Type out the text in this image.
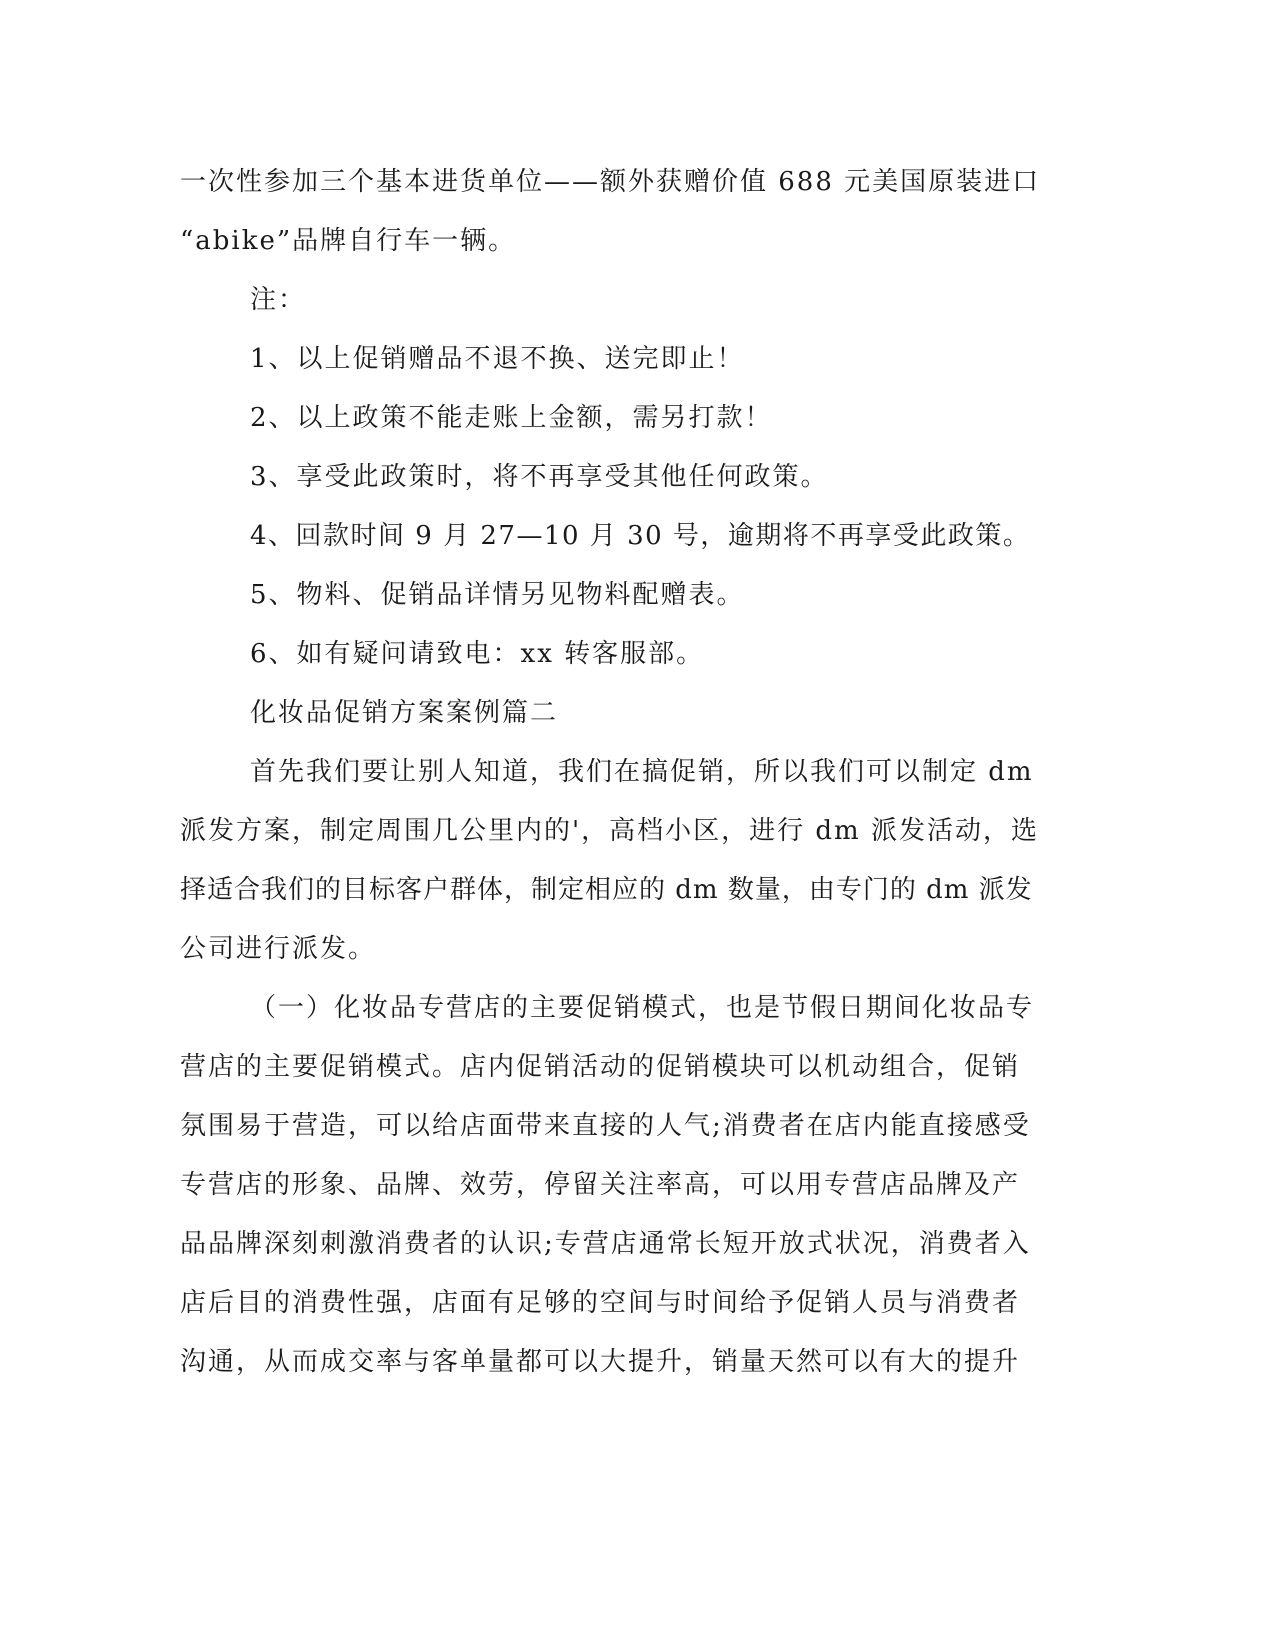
一次性参加三个基本进货单位——额外获赠价值 688 元美国原装进口
“abike”品牌自行车一辆。
注：
1、以上促销赠品不退不换、送完即止！
2、以上政策不能走账上金额，需另打款！
3、享受此政策时，将不再享受其他任何政策。
4、回款时间 9 月 27—10 月 30 号，逾期将不再享受此政策。
5、物料、促销品详情另见物料配赠表。
6、如有疑问请致电：xx 转客服部。
化妆品促销方案案例篇二
首先我们要让别人知道，我们在搞促销，所以我们可以制定 dm
派发方案，制定周围几公里内的'，高档小区，进行 dm 派发活动，选
择适合我们的目标客户群体，制定相应的 dm 数量，由专门的 dm 派发
公司进行派发。
（一）化妆品专营店的主要促销模式，也是节假日期间化妆品专
营店的主要促销模式。店内促销活动的促销模块可以机动组合，促销
氛围易于营造，可以给店面带来直接的人气;消费者在店内能直接感受
专营店的形象、品牌、效劳，停留关注率高，可以用专营店品牌及产
品品牌深刻刺激消费者的认识;专营店通常长短开放式状况，消费者入
店后目的消费性强，店面有足够的空间与时间给予促销人员与消费者
沟通，从而成交率与客单量都可以大提升，销量天然可以有大的提升
